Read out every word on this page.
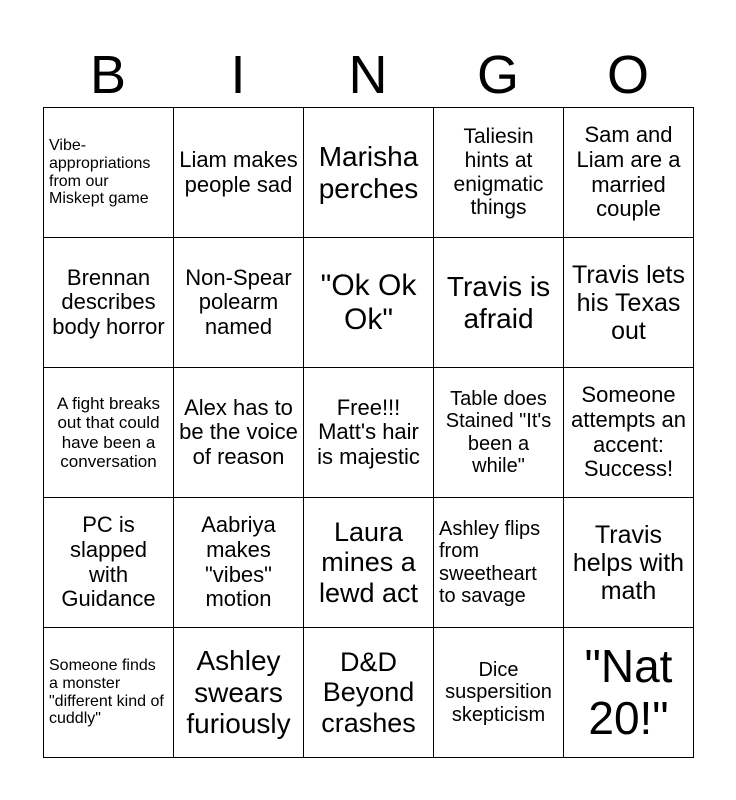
B	I	N	G	O
Vibe-appropriations from our Miskept game	Liam makes people sad	Marisha perches	Taliesin hints at enigmatic things	Sam and Liam are a married couple
Brennan describes body horror	Non-Spear polearm named	"Ok Ok Ok"	Travis is afraid	Travis lets his Texas out
A fight breaks out that could have been a conversation	Alex has to be the voice of reason	Free!!! Matt's hair is majestic	Table does Stained "It's been a while"	Someone attempts an accent: Success!
PC is slapped with Guidance	Aabriya makes "vibes" motion	Laura mines a lewd act	Ashley flips from sweetheart to savage	Travis helps with math
Someone finds a monster "different kind of cuddly"	Ashley swears furiously	D&D Beyond crashes	Dice suspersition skepticism	"Nat 20!"
